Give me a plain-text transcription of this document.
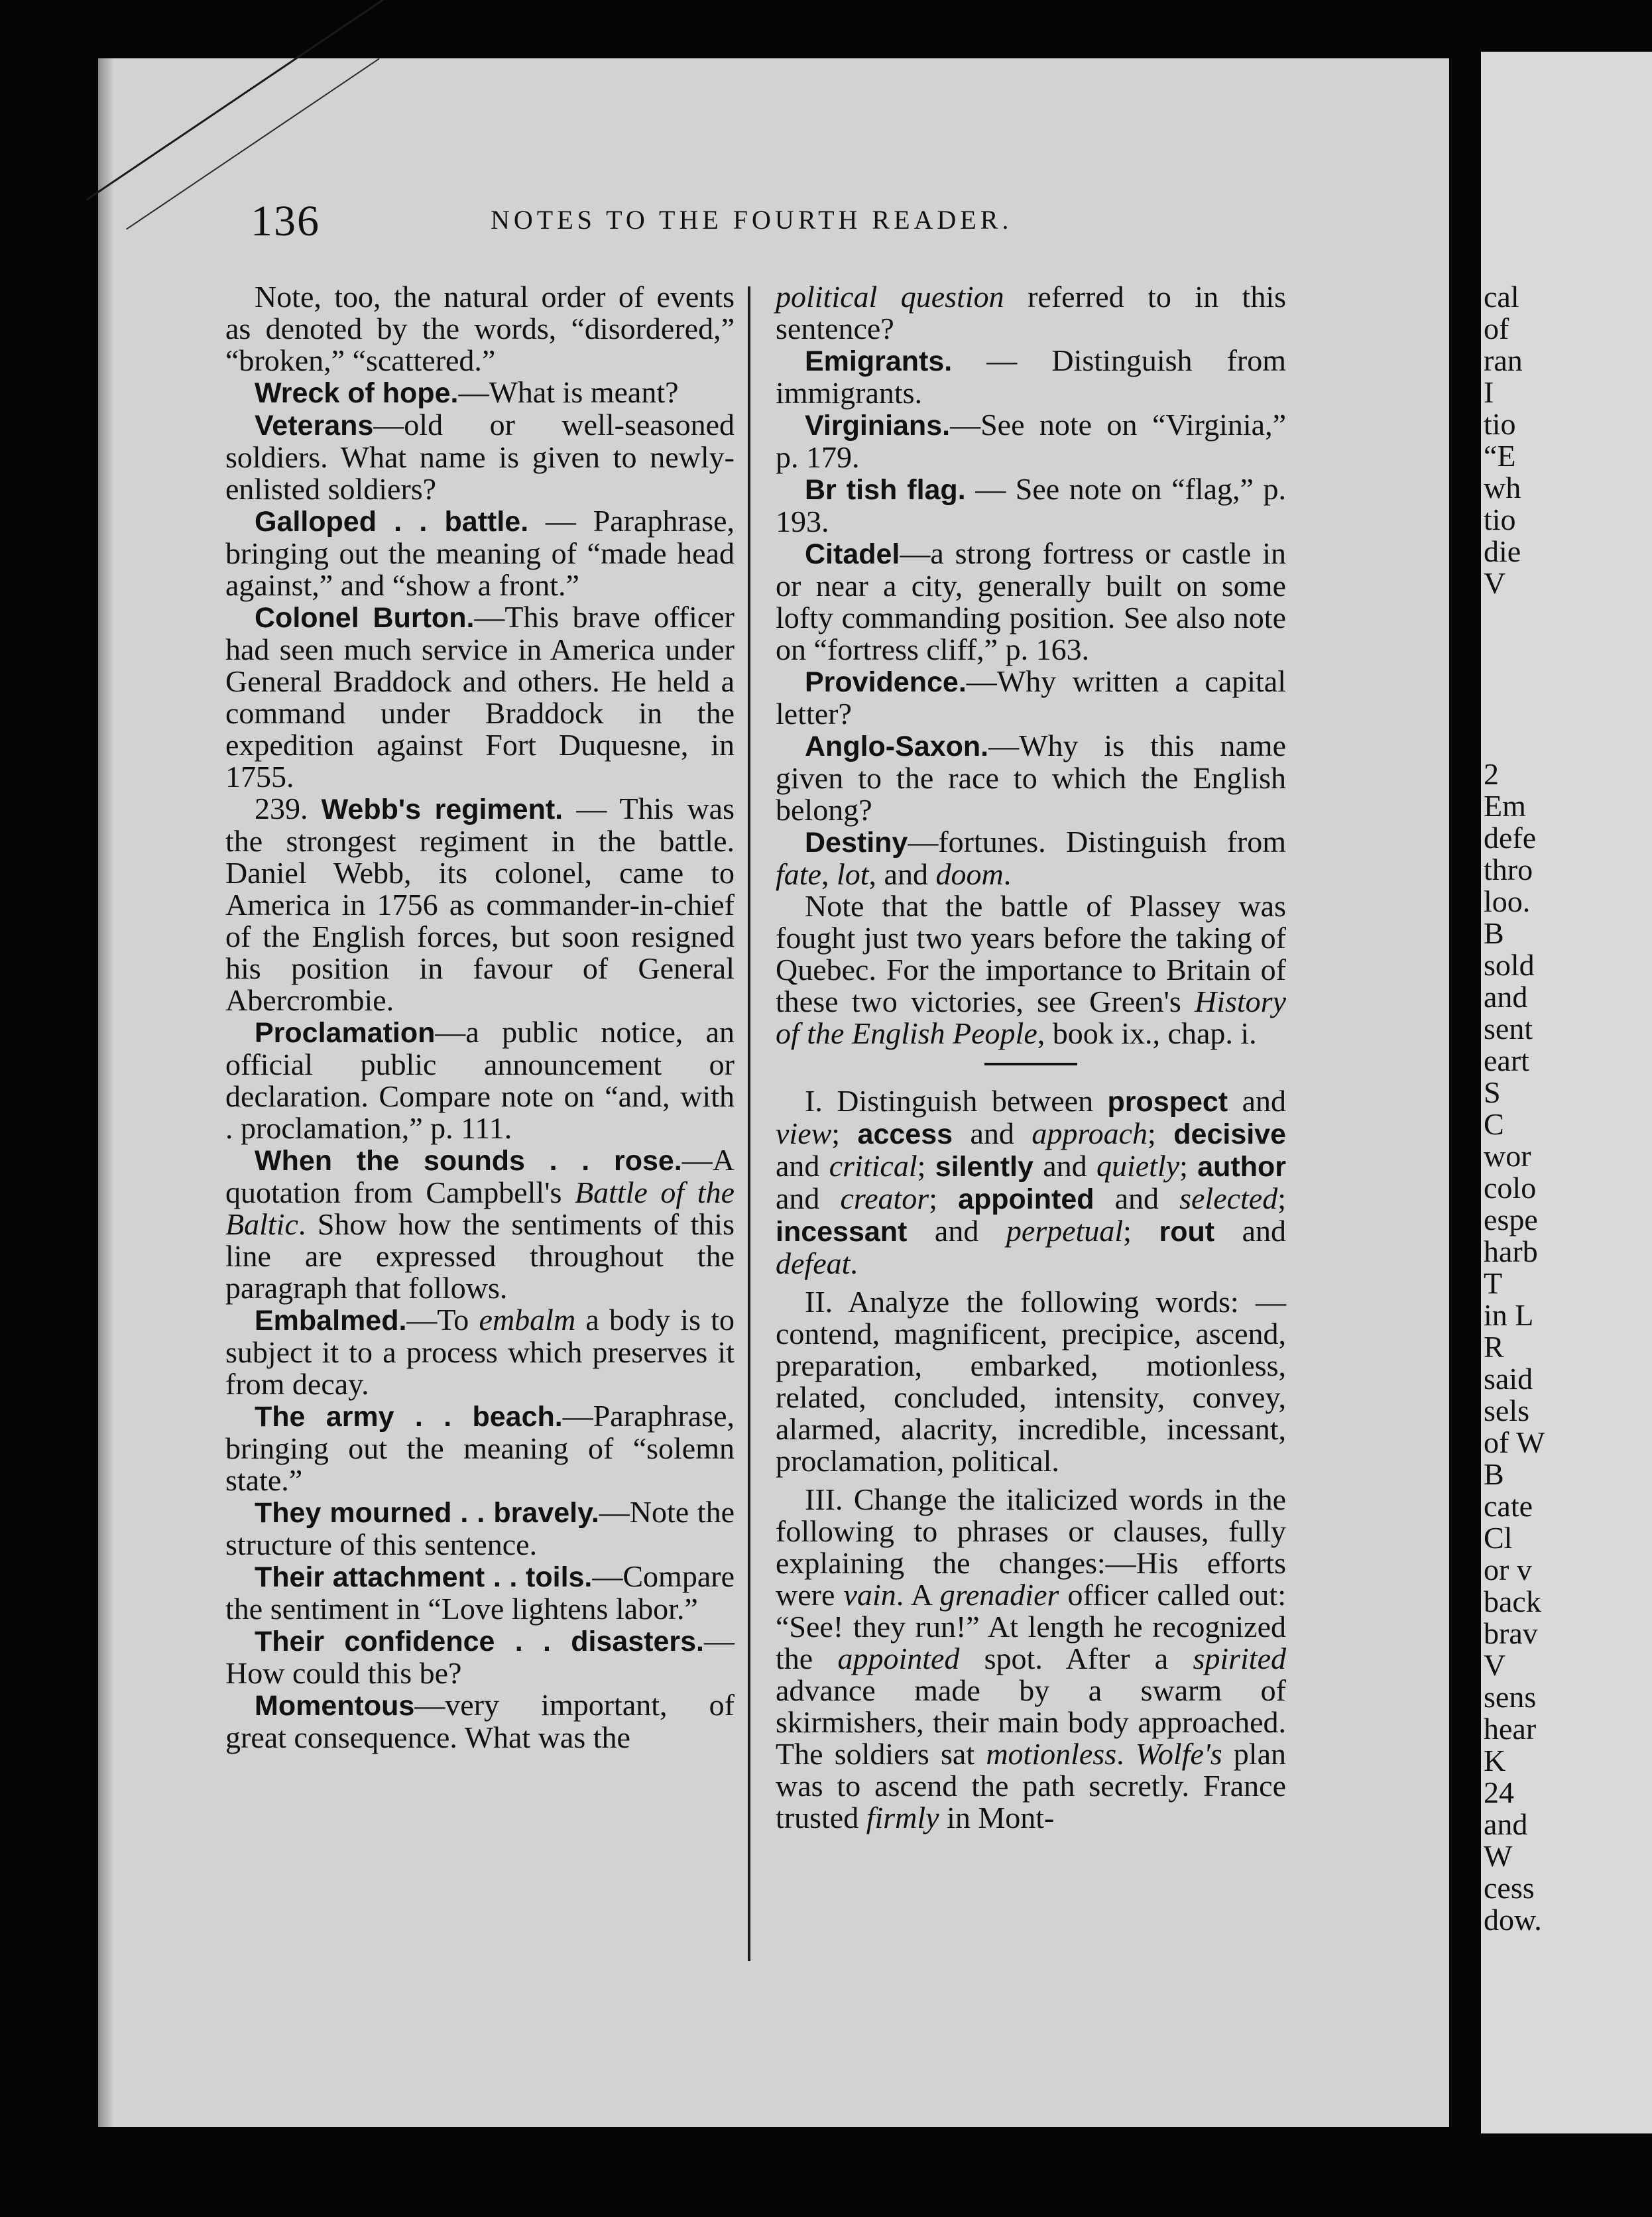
136	NOTES TO THE FOURTH READER.

Note, too, the natural order of events as denoted by the words, “disordered,” “broken,” “scattered.”

Wreck of hope.—What is meant?

Veterans—old or well-seasoned soldiers. What name is given to newly-enlisted soldiers?

Galloped . . battle. — Paraphrase, bringing out the meaning of “made head against,” and “show a front.”

Colonel Burton.—This brave officer had seen much service in America under General Braddock and others. He held a command under Braddock in the expedition against Fort Duquesne, in 1755.

239. Webb's regiment. — This was the strongest regiment in the battle. Daniel Webb, its colonel, came to America in 1756 as commander-in-chief of the English forces, but soon resigned his position in favour of General Abercrombie.

Proclamation—a public notice, an official public announcement or declaration. Compare note on “and, with . proclamation,” p. 111.

When the sounds . . rose.—A quotation from Campbell's Battle of the Baltic. Show how the sentiments of this line are expressed throughout the paragraph that follows.

Embalmed.—To embalm a body is to subject it to a process which preserves it from decay.

The army . . beach.—Paraphrase, bringing out the meaning of “solemn state.”

They mourned . . bravely.—Note the structure of this sentence.

Their attachment . . toils.—Compare the sentiment in “Love lightens labor.”

Their confidence . . disasters.—How could this be?

Momentous—very important, of great consequence. What was the

political question referred to in this sentence?

Emigrants. — Distinguish from immigrants.

Virginians.—See note on “Virginia,” p. 179.

Br tish flag. — See note on “flag,” p. 193.

Citadel—a strong fortress or castle in or near a city, generally built on some lofty commanding position. See also note on “fortress cliff,” p. 163.

Providence.—Why written a capital letter?

Anglo-Saxon.—Why is this name given to the race to which the English belong?

Destiny—fortunes. Distinguish from fate, lot, and doom.

Note that the battle of Plassey was fought just two years before the taking of Quebec. For the importance to Britain of these two victories, see Green's History of the English People, book ix., chap. i.

I. Distinguish between prospect and view; access and approach; decisive and critical; silently and quietly; author and creator; appointed and selected; incessant and perpetual; rout and defeat.

II. Analyze the following words: —contend, magnificent, precipice, ascend, preparation, embarked, motionless, related, concluded, intensity, convey, alarmed, alacrity, incredible, incessant, proclamation, political.

III. Change the italicized words in the following to phrases or clauses, fully explaining the changes:—His efforts were vain. A grenadier officer called out: “See! they run!” At length he recognized the appointed spot. After a spirited advance made by a swarm of skirmishers, their main body approached. The soldiers sat motionless. Wolfe's plan was to ascend the path secretly. France trusted firmly in Mont-

cal
of
ran
I
tio
“E
wh
tio
die
V
2
Em
defe
thro
loo.
B
sold
and
sent
eart
S
C
wor
colo
espe
harb
T
in L
R
said
sels
of W
B
cate
Cl
or v
back
brav
V
sens
hear
K
24
and
W
cess
dow.
